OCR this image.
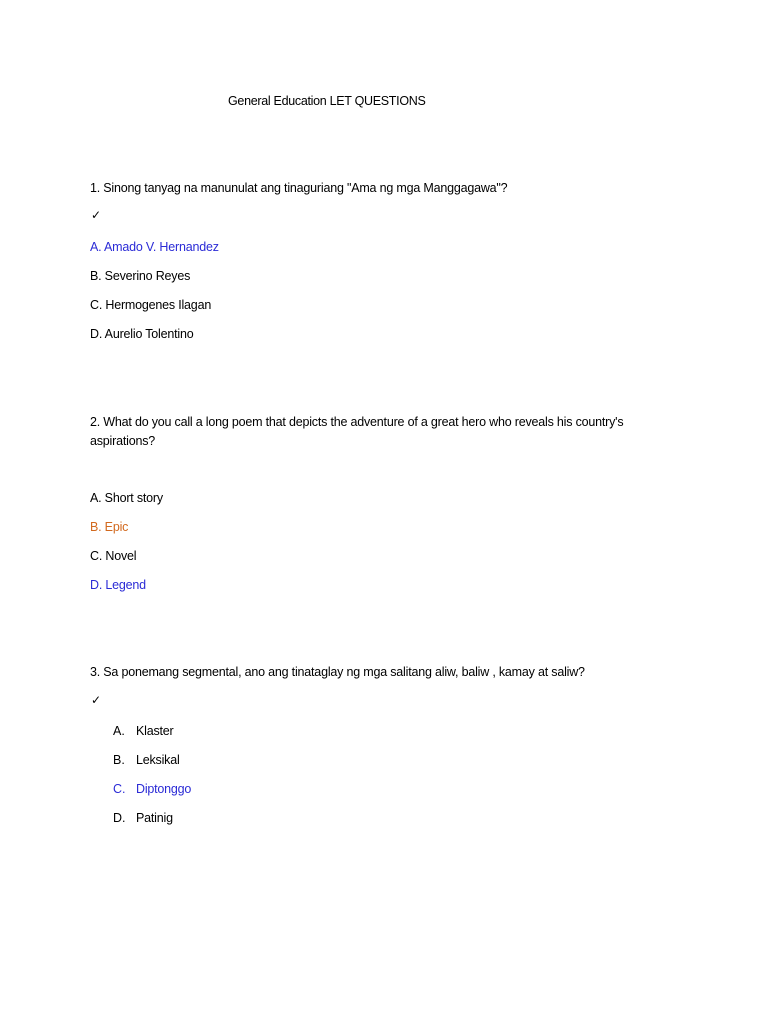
General Education LET QUESTIONS
1. Sinong tanyag na manunulat ang tinaguriang "Ama ng mga Manggagawa"?
✓
A. Amado V. Hernandez
B. Severino Reyes
C. Hermogenes Ilagan
D. Aurelio Tolentino
2. What do you call a long poem that depicts the adventure of a great hero who reveals his country's aspirations?
A. Short story
B. Epic
C. Novel
D. Legend
3. Sa ponemang segmental, ano ang tinataglay ng mga salitang aliw, baliw , kamay at saliw?
✓
A. Klaster
B. Leksikal
C. Diptonggo
D. Patinig
